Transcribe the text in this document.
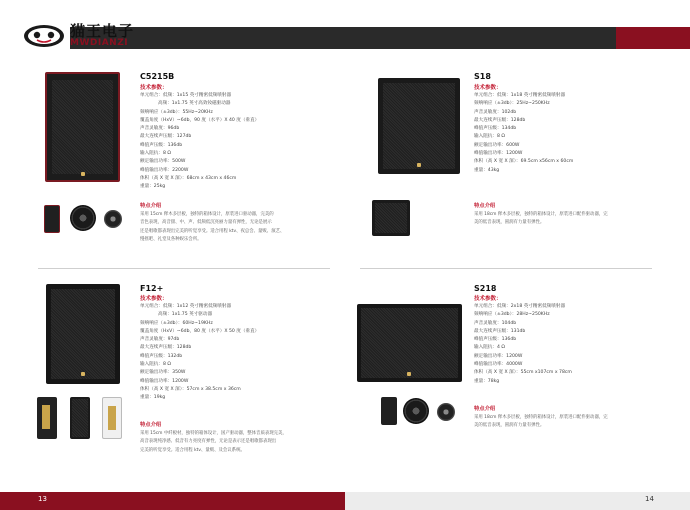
猫王电子
MWDIANZI
C5215B
技术参数：
单元组合：低频：1x15 英寸精密低频喷射器
高频：1x1.75 英寸高效钕磁驱动器
频响响应（±3db）：55Hz~20KHz
覆盖角度（HxV）~6db，90 度（水平）X 40 度（垂直）
声音灵敏度：96db
最大连续声压级：127db
峰值声压级：136db
输入阻抗：8 Ω
额定输出功率：500W
峰值输出功率：2200W
体积（高 X 宽 X 深）：68cm x 43cm x 46cm
重量：25kg
特点介绍
采用 15cm 释木多层板，独特的箱体设计，原装进口驱动器，完美的
音色表现，高音甜、中、声、低频低沉亮丽力量有弹性，无论是展示
还是唱歌都表现出完美的听觉享受。适合用程 ktv、夜总会、量贩、演艺、
慢摇吧、礼堂及各种娱乐会所。
S18
技术参数：
单元组合：低频：1x18 英寸精密低频喷射器
频响响应（±3db）：25Hz~250KHz
声音灵敏度：102db
最大连续声压级：128db
峰值声压级：134db
输入阻抗：8 Ω
额定输出功率：600W
峰值输出功率：1200W
体积（高 X 宽 X 深）：69.5cm x56cm x 60cm
重量：43kg
特点介绍
采用 18cm 释木多层板，独特的箱体设计，原装进口配件驱动器，完
美的低音表现，圆润有力量有弹性。
F12+
技术参数：
单元组合：低频：1x12 英寸精密低频喷射器
高频：1x1.75 英寸驱动器
频响响应（±3db）：60Hz~19KHz
覆盖角度（HxV）~6db，80 度（水平）X 50 度（垂直）
声音灵敏度：97db
最大连续声压级：128db
峰值声压级：132db
输入阻抗：8 Ω
额定输出功率：350W
峰值输出功率：1200W
体积（高 X 宽 X 深）：57cm x 38.5cm x 36cm
重量：19kg
特点介绍
采用 15cm 中纤板材，独特的箱体设计，国产驱动器，整体音质表现完美，
高音表现纯净感、低音有力亮度有弹性，无论是表示还是唱歌都表现出
完美的听觉享受。适合用程 ktv、量贩、及会议系统。
S218
技术参数：
单元组合：低频：2x18 英寸精密低频喷射器
频响响应（±3db）：28Hz~250KHz
声音灵敏度：104db
最大连续声压级：131db
峰值声压级：136db
输入阻抗：4 Ω
额定输出功率：1200W
峰值输出功率：4000W
体积（高 X 宽 X 深）：55cm x107cm x 78cm
重量：78kg
特点介绍
采用 18cm 释木多层板，独特的箱体设计，原装进口配件驱动器，完
美的低音表现，圆润有力量有弹性。
13	14
